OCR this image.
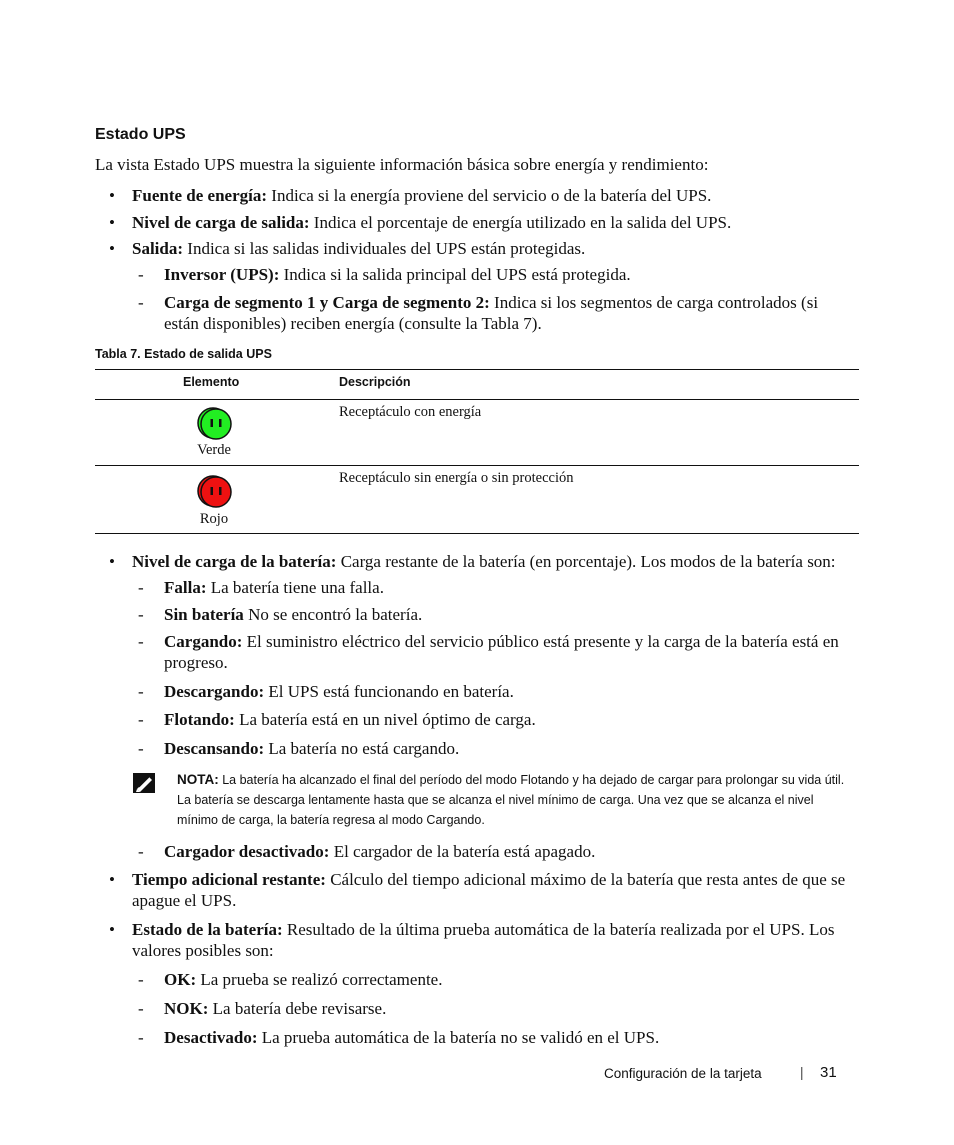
Estado UPS
La vista Estado UPS muestra la siguiente información básica sobre energía y rendimiento:
• Fuente de energía: Indica si la energía proviene del servicio o de la batería del UPS.
• Nivel de carga de salida: Indica el porcentaje de energía utilizado en la salida del UPS.
• Salida: Indica si las salidas individuales del UPS están protegidas.
- Inversor (UPS): Indica si la salida principal del UPS está protegida.
- Carga de segmento 1 y Carga de segmento 2: Indica si los segmentos de carga controlados (si están disponibles) reciben energía (consulte la Tabla 7).
Tabla 7. Estado de salida UPS
Elemento	Descripción
Verde
Receptáculo con energía
Rojo
Receptáculo sin energía o sin protección
• Nivel de carga de la batería: Carga restante de la batería (en porcentaje). Los modos de la batería son:
- Falla: La batería tiene una falla.
- Sin batería No se encontró la batería.
- Cargando: El suministro eléctrico del servicio público está presente y la carga de la batería está en progreso.
- Descargando: El UPS está funcionando en batería.
- Flotando: La batería está en un nivel óptimo de carga.
- Descansando: La batería no está cargando.
NOTA: La batería ha alcanzado el final del período del modo Flotando y ha dejado de cargar para prolongar su vida útil. La batería se descarga lentamente hasta que se alcanza el nivel mínimo de carga. Una vez que se alcanza el nivel mínimo de carga, la batería regresa al modo Cargando.
- Cargador desactivado: El cargador de la batería está apagado.
• Tiempo adicional restante: Cálculo del tiempo adicional máximo de la batería que resta antes de que se apague el UPS.
• Estado de la batería: Resultado de la última prueba automática de la batería realizada por el UPS. Los valores posibles son:
- OK: La prueba se realizó correctamente.
- NOK: La batería debe revisarse.
- Desactivado: La prueba automática de la batería no se validó en el UPS.
Configuración de la tarjeta	| 31
